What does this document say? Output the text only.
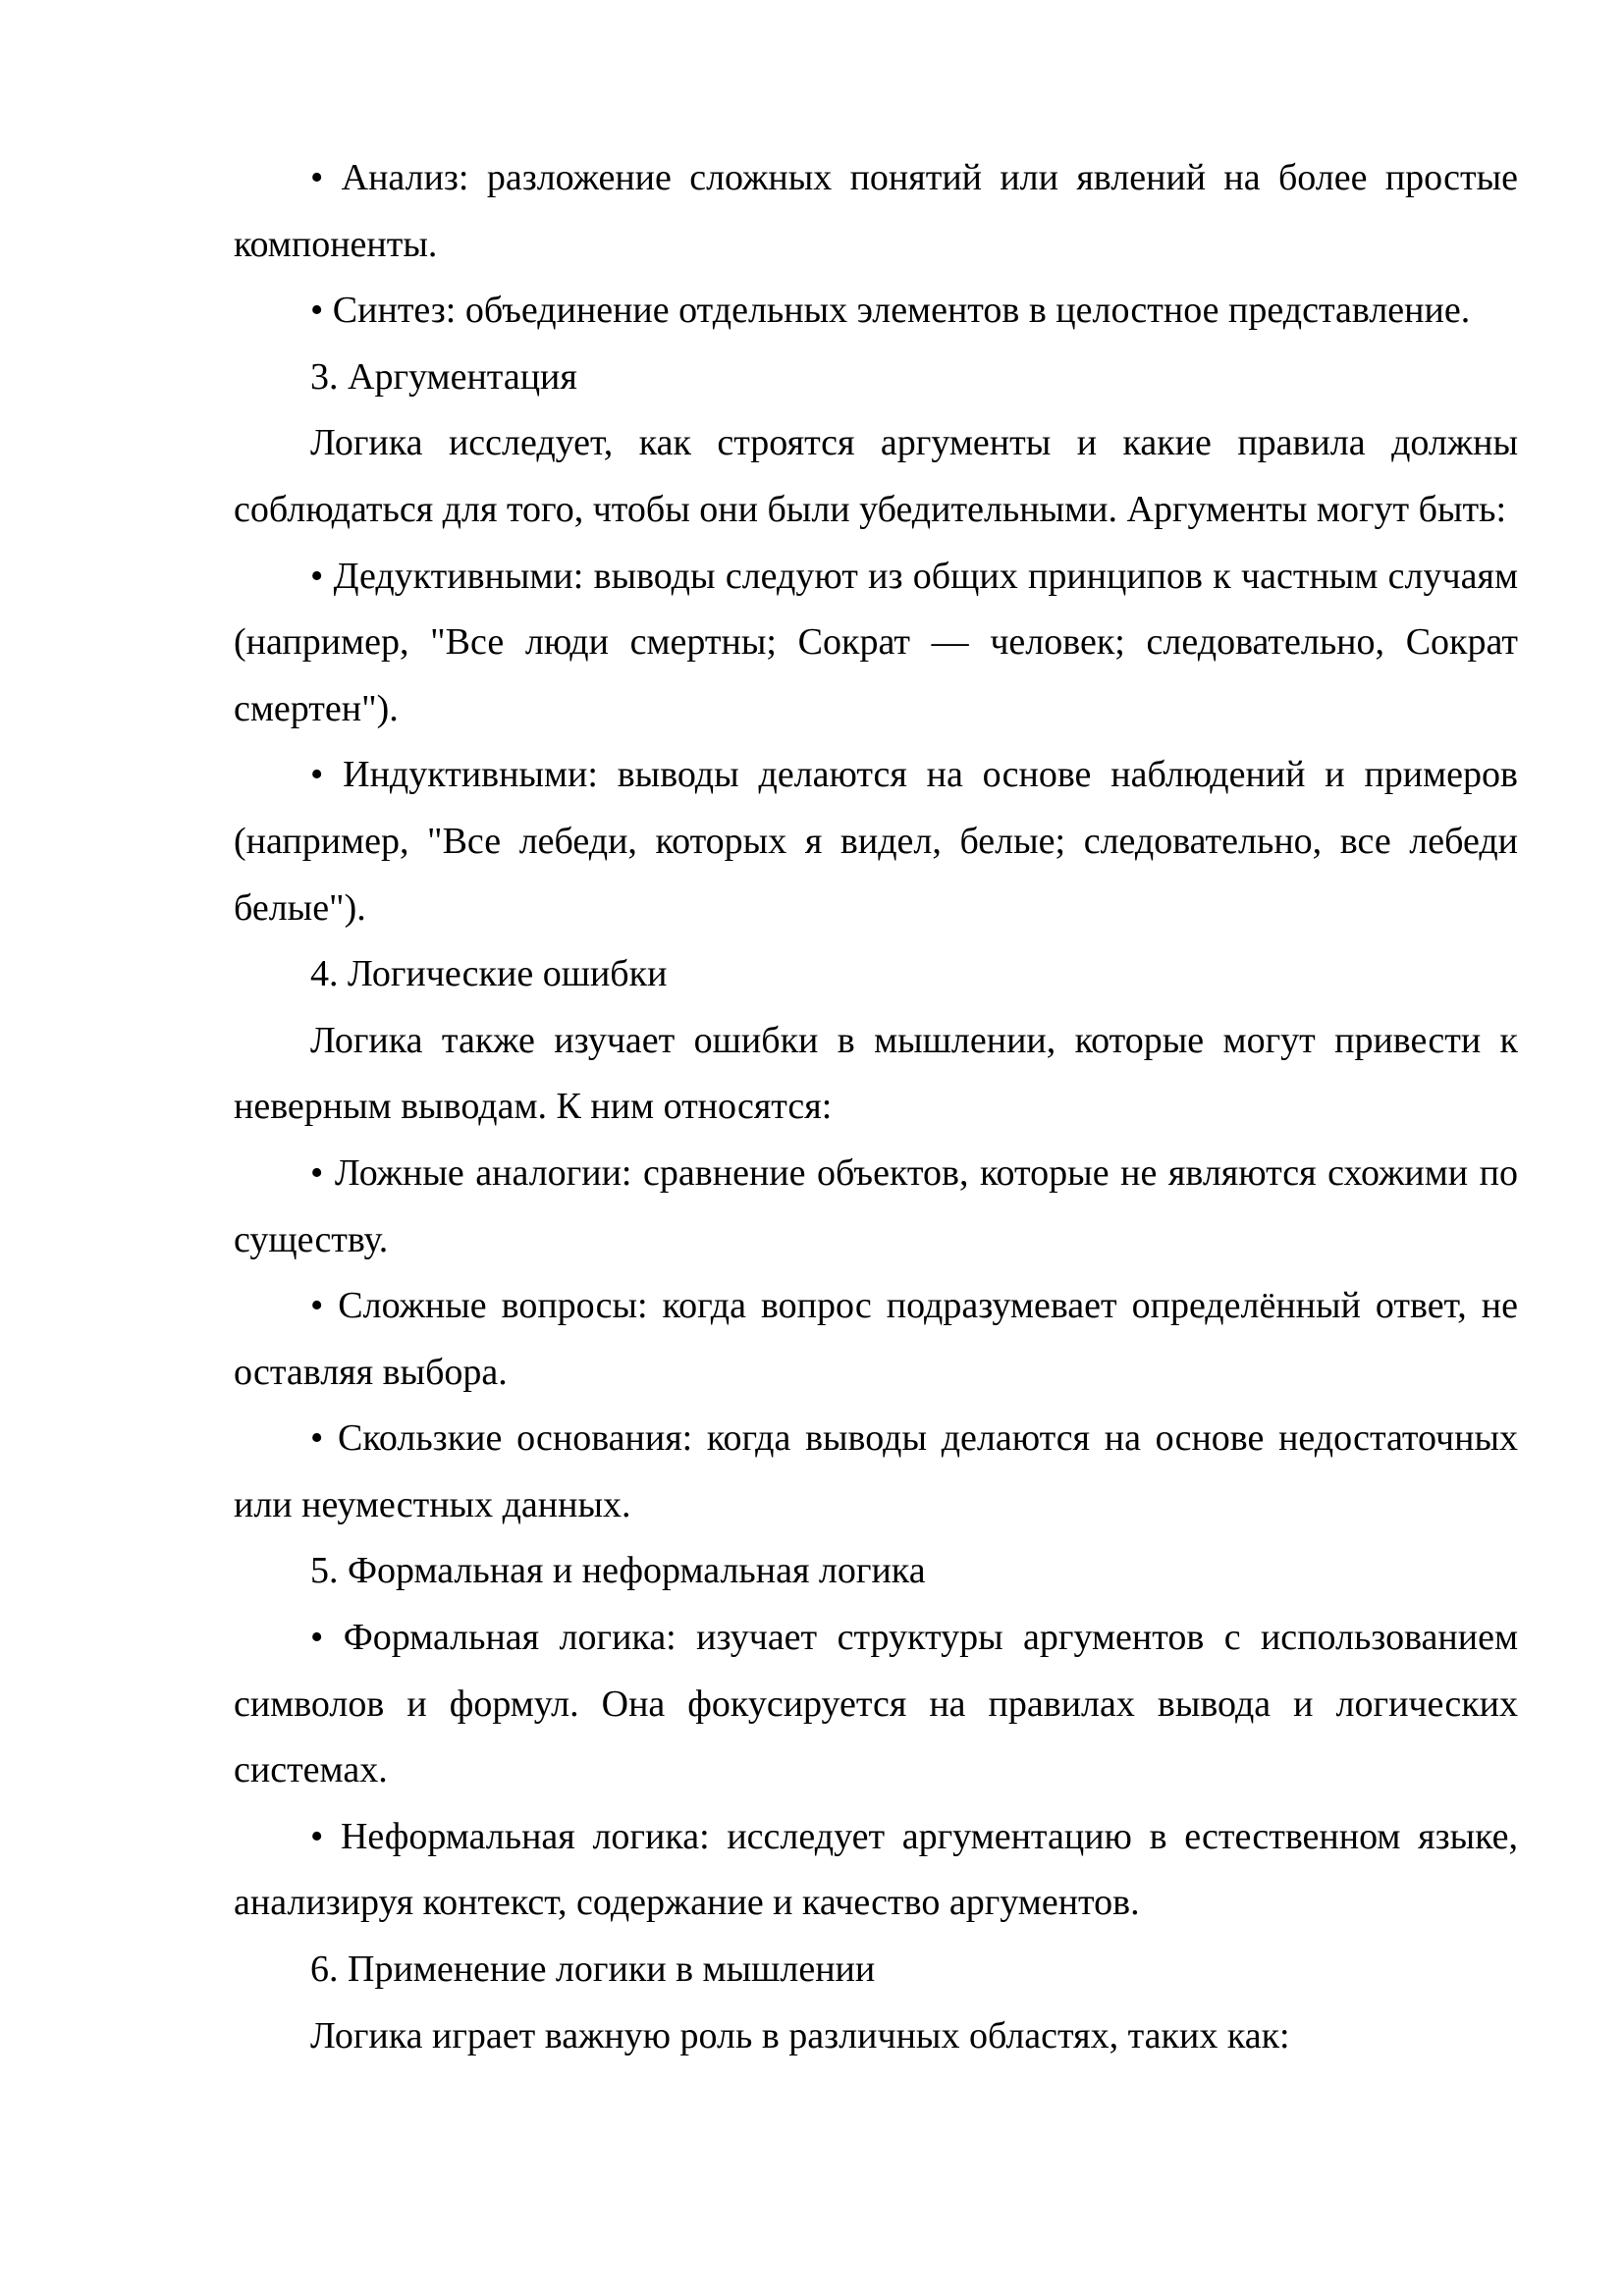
• Анализ: разложение сложных понятий или явлений на более простые компоненты.

• Синтез: объединение отдельных элементов в целостное представление.

3. Аргументация

Логика исследует, как строятся аргументы и какие правила должны соблюдаться для того, чтобы они были убедительными. Аргументы могут быть:

• Дедуктивными: выводы следуют из общих принципов к частным случаям (например, "Все люди смертны; Сократ — человек; следовательно, Сократ смертен").

• Индуктивными: выводы делаются на основе наблюдений и примеров (например, "Все лебеди, которых я видел, белые; следовательно, все лебеди белые").

4. Логические ошибки

Логика также изучает ошибки в мышлении, которые могут привести к неверным выводам. К ним относятся:

• Ложные аналогии: сравнение объектов, которые не являются схожими по существу.

• Сложные вопросы: когда вопрос подразумевает определённый ответ, не оставляя выбора.

• Скользкие основания: когда выводы делаются на основе недостаточных или неуместных данных.

5. Формальная и неформальная логика

• Формальная логика: изучает структуры аргументов с использованием символов и формул. Она фокусируется на правилах вывода и логических системах.

• Неформальная логика: исследует аргументацию в естественном языке, анализируя контекст, содержание и качество аргументов.

6. Применение логики в мышлении

Логика играет важную роль в различных областях, таких как:
